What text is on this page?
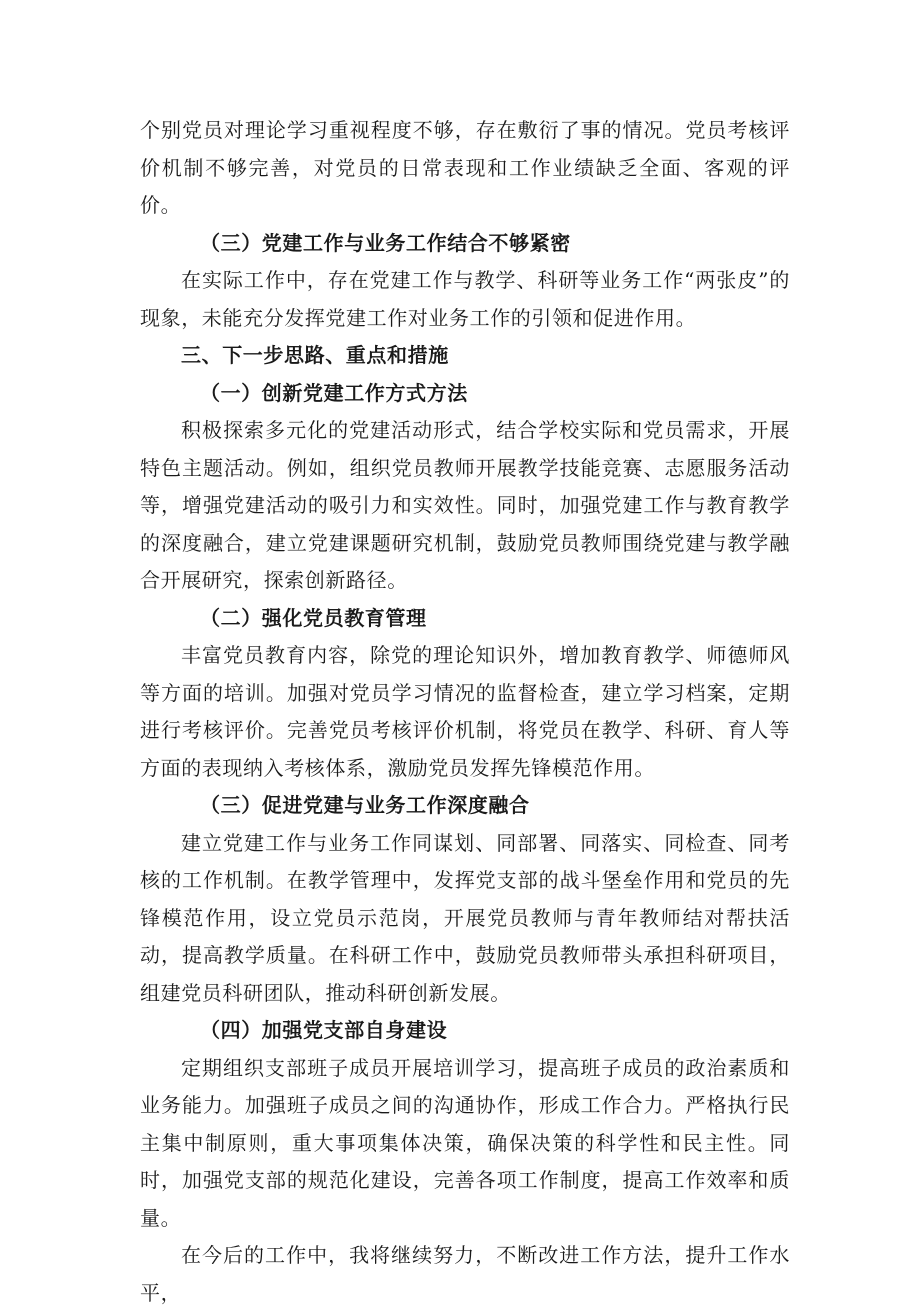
个别党员对理论学习重视程度不够，存在敷衍了事的情况。党员考核评价机制不够完善，对党员的日常表现和工作业绩缺乏全面、客观的评价。

（三）党建工作与业务工作结合不够紧密

在实际工作中，存在党建工作与教学、科研等业务工作“两张皮”的现象，未能充分发挥党建工作对业务工作的引领和促进作用。

三、下一步思路、重点和措施

（一）创新党建工作方式方法

积极探索多元化的党建活动形式，结合学校实际和党员需求，开展特色主题活动。例如，组织党员教师开展教学技能竞赛、志愿服务活动等，增强党建活动的吸引力和实效性。同时，加强党建工作与教育教学的深度融合，建立党建课题研究机制，鼓励党员教师围绕党建与教学融合开展研究，探索创新路径。

（二）强化党员教育管理

丰富党员教育内容，除党的理论知识外，增加教育教学、师德师风等方面的培训。加强对党员学习情况的监督检查，建立学习档案，定期进行考核评价。完善党员考核评价机制，将党员在教学、科研、育人等方面的表现纳入考核体系，激励党员发挥先锋模范作用。

（三）促进党建与业务工作深度融合

建立党建工作与业务工作同谋划、同部署、同落实、同检查、同考核的工作机制。在教学管理中，发挥党支部的战斗堡垒作用和党员的先锋模范作用，设立党员示范岗，开展党员教师与青年教师结对帮扶活动，提高教学质量。在科研工作中，鼓励党员教师带头承担科研项目，组建党员科研团队，推动科研创新发展。

（四）加强党支部自身建设

定期组织支部班子成员开展培训学习，提高班子成员的政治素质和业务能力。加强班子成员之间的沟通协作，形成工作合力。严格执行民主集中制原则，重大事项集体决策，确保决策的科学性和民主性。同时，加强党支部的规范化建设，完善各项工作制度，提高工作效率和质量。

在今后的工作中，我将继续努力，不断改进工作方法，提升工作水平，
